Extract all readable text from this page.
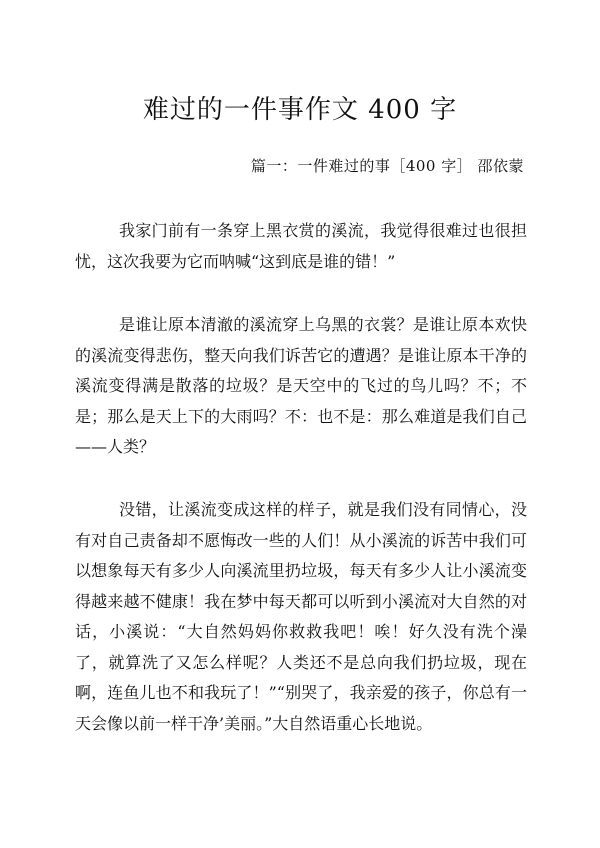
难过的一件事作文 400 字
篇一：一件难过的事［400 字］ 邵依蒙

我家门前有一条穿上黑衣赏的溪流，我觉得很难过也很担忧，这次我要为它而呐喊“这到底是谁的错！”

是谁让原本清澈的溪流穿上乌黑的衣裳？是谁让原本欢快的溪流变得悲伤，整天向我们诉苦它的遭遇？是谁让原本干净的溪流变得满是散落的垃圾？是天空中的飞过的鸟儿吗？不；不是；那么是天上下的大雨吗？不：也不是：那么难道是我们自己——人类？

没错，让溪流变成这样的样子，就是我们没有同情心，没有对自己责备却不愿悔改一些的人们！从小溪流的诉苦中我们可以想象每天有多少人向溪流里扔垃圾，每天有多少人让小溪流变得越来越不健康！我在梦中每天都可以听到小溪流对大自然的对话，小溪说：“大自然妈妈你救救我吧！唉！好久没有洗个澡了，就算洗了又怎么样呢？人类还不是总向我们扔垃圾，现在啊，连鱼儿也不和我玩了！”“别哭了，我亲爱的孩子，你总有一天会像以前一样干净’美丽。”大自然语重心长地说。
